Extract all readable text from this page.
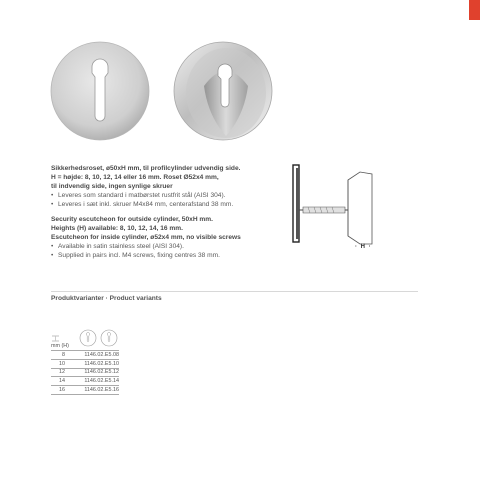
Sikkerhedsroset, ø50xH mm, til profilcylinder udvendig side.
H = højde: 8, 10, 12, 14 eller 16 mm. Roset Ø52x4 mm,
til indvendig side, ingen synlige skruer
• Leveres som standard i matbørstet rustfrit stål (AISI 304).
• Leveres i sæt inkl. skruer M4x84 mm, centerafstand 38 mm.
Security escutcheon for outside cylinder, 50xH mm.
Heights (H) available: 8, 10, 12, 14, 16 mm.
Escutcheon for inside cylinder, ø52x4 mm, no visible screws
• Available in satin stainless steel (AISI 304).
• Supplied in pairs incl. M4 screws, fixing centres 38 mm.
· H ·
Produktvarianter · Product variants
mm (H)
8	1146.02.E5.08
10	1146.02.E5.10
12	1146.02.E5.12
14	1146.02.E5.14
16	1146.02.E5.16
